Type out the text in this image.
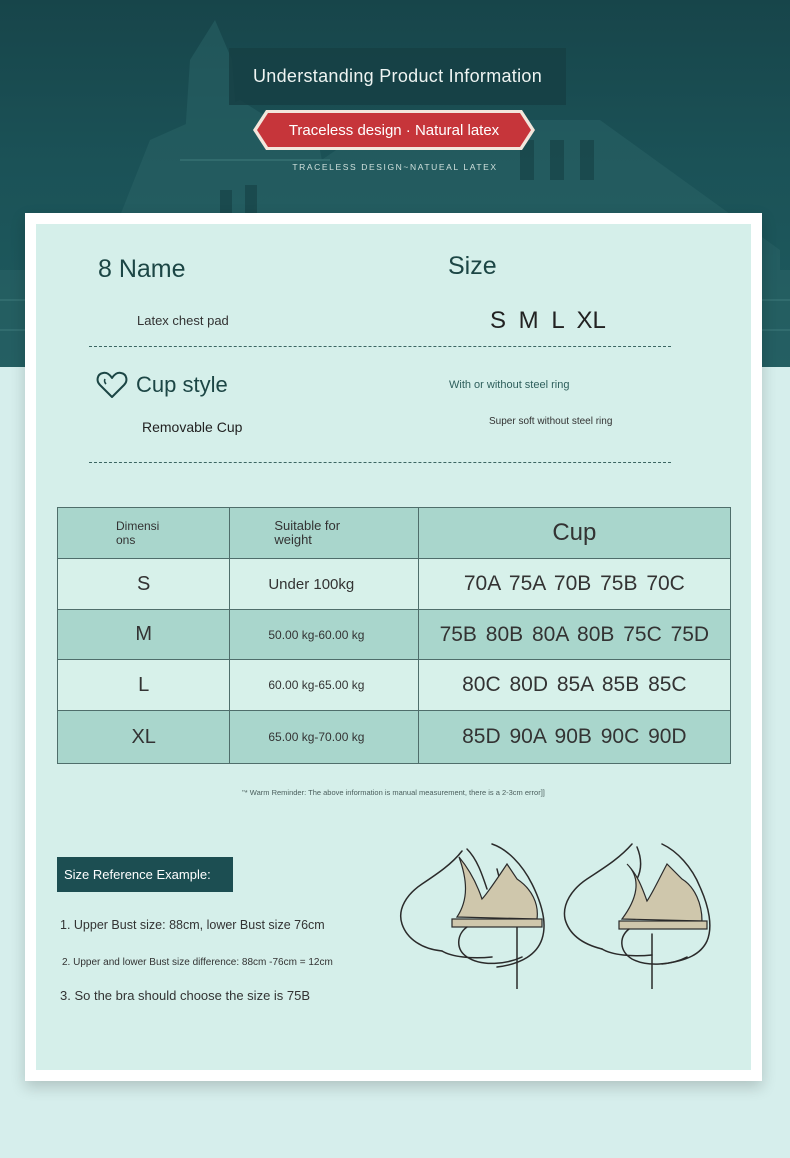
Understanding Product Information
Traceless design · Natural latex
TRACELESS DESIGN~NATUEAL LATEX
8 Name
Latex chest pad
Size
S M L XL
Cup style
Removable Cup
With or without steel ring
Super soft without steel ring
Dimensi ons	Suitable for weight	Cup
S	Under 100kg	70A 75A 70B 75B 70C
M	50.00 kg-60.00 kg	75B 80B 80A 80B 75C 75D
L	60.00 kg-65.00 kg	80C 80D 85A 85B 85C
XL	65.00 kg-70.00 kg	85D 90A 90B 90C 90D
"* Warm Reminder: The above information is manual measurement, there is a 2-3cm error]]
Size Reference Example:
1. Upper Bust size: 88cm, lower Bust size 76cm
2. Upper and lower Bust size difference: 88cm -76cm = 12cm
3. So the bra should choose the size is 75B
